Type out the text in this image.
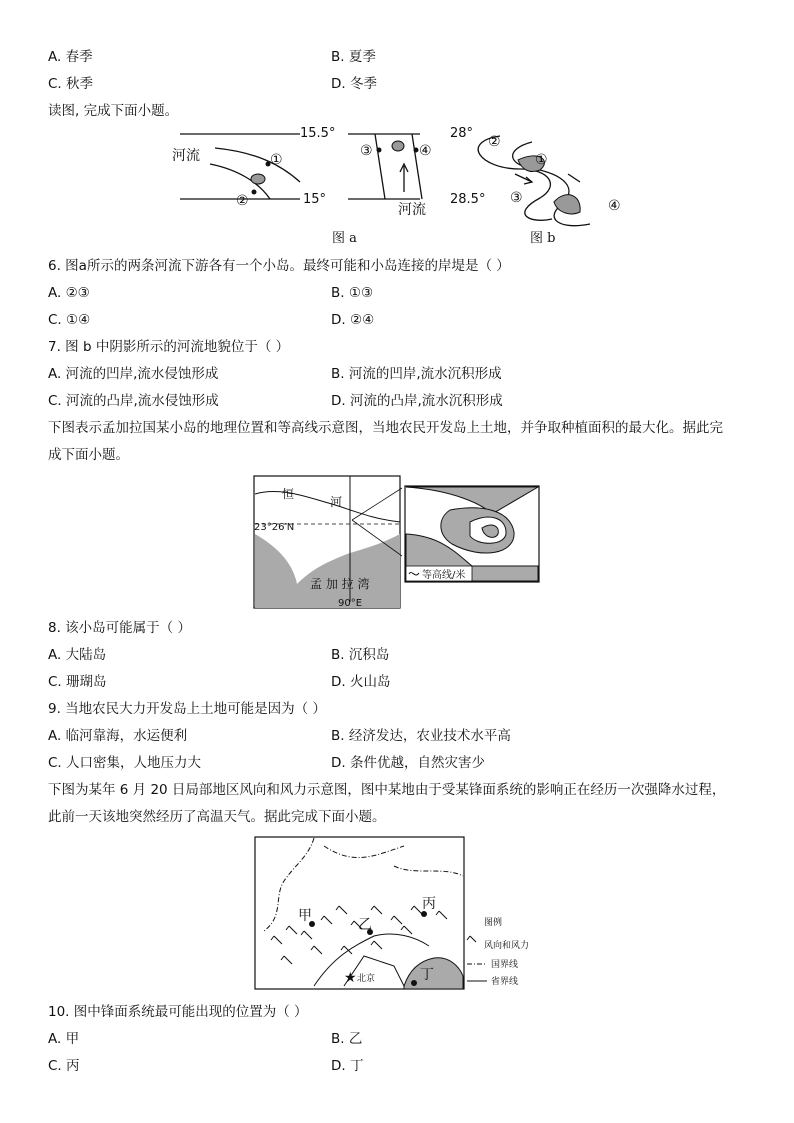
A. 春季	B. 夏季
C. 秋季	D. 冬季
读图, 完成下面小题。
15.5°
15°
28°
28.5°
河流
河流
①
②
③	④
②
①
③	④
图 a	图 b
6. 图a所示的两条河流下游各有一个小岛。最终可能和小岛连接的岸堤是（ ）
A. ②③	B. ①③
C. ①④	D. ②④
7. 图 b 中阴影所示的河流地貌位于（ ）
A. 河流的凹岸,流水侵蚀形成	B. 河流的凹岸,流水沉积形成
C. 河流的凸岸,流水侵蚀形成	D. 河流的凸岸,流水沉积形成
下图表示孟加拉国某小岛的地理位置和等高线示意图，当地农民开发岛上土地，并争取种植面积的最大化。据此完
成下面小题。
恒
河
23°26′N
孟 加 拉 湾
90°E
等高线/米
8. 该小岛可能属于（ ）
A. 大陆岛	B. 沉积岛
C. 珊瑚岛	D. 火山岛
9. 当地农民大力开发岛上土地可能是因为（ ）
A. 临河靠海，水运便利	B. 经济发达，农业技术水平高
C. 人口密集，人地压力大	D. 条件优越，自然灾害少
下图为某年 6 月 20 日局部地区风向和风力示意图，图中某地由于受某锋面系统的影响正在经历一次强降水过程，
此前一天该地突然经历了高温天气。据此完成下面小题。
甲
乙
丙
丁
★ 北京
图例
风向和风力
国界线
省界线
10. 图中锋面系统最可能出现的位置为（ ）
A. 甲	B. 乙
C. 丙	D. 丁
